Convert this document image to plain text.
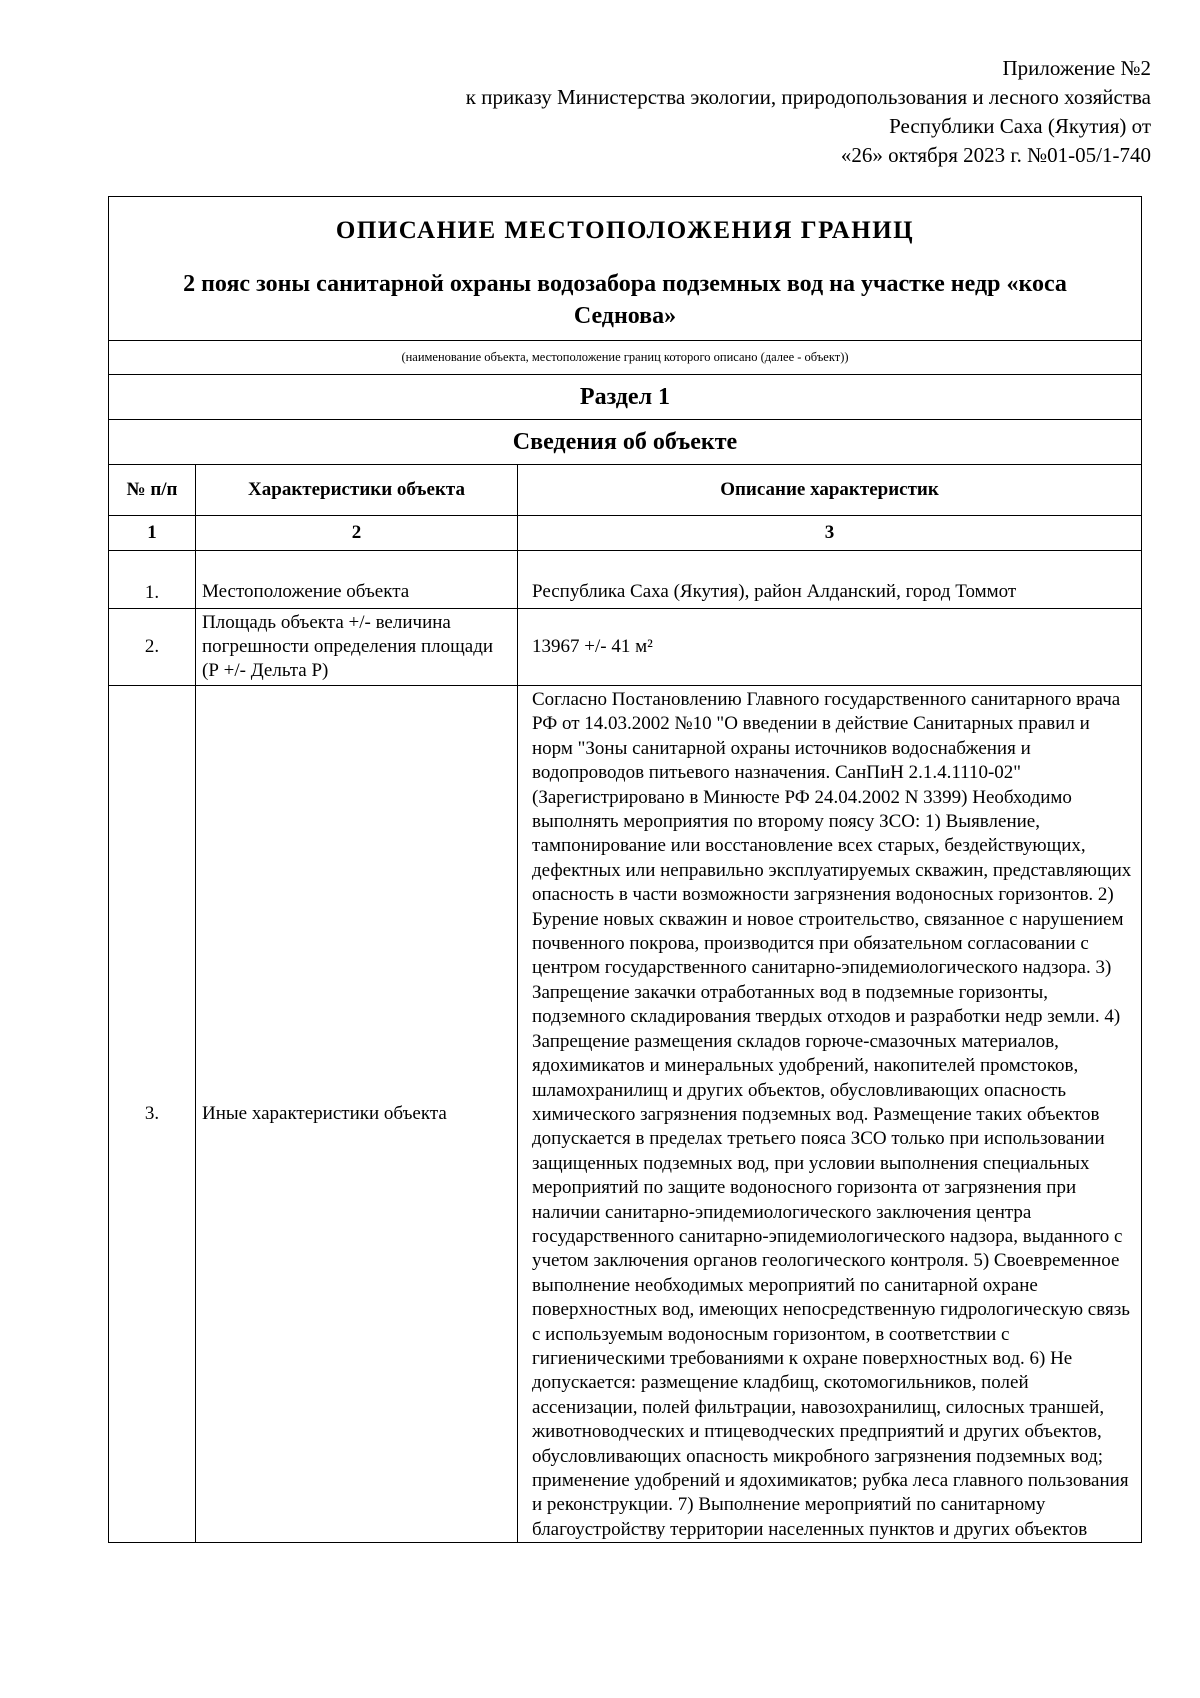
Приложение №2
к приказу Министерства экологии, природопользования и лесного хозяйства
Республики Саха (Якутия) от
«26» октября 2023 г. №01-05/1-740
ОПИСАНИЕ МЕСТОПОЛОЖЕНИЯ ГРАНИЦ
2 пояс зоны санитарной охраны водозабора подземных вод на участке недр «коса Седнова»
(наименование объекта, местоположение границ которого описано (далее - объект))
Раздел 1
Сведения об объекте
№ п/п	Характеристики объекта	Описание характеристик
1	2	3
1.	Местоположение объекта	Республика Саха (Якутия), район Алданский, город Томмот
2.	Площадь объекта +/- величина погрешности определения площади (Р +/- Дельта Р)	13967 +/- 41 м²
3.	Иные характеристики объекта	Согласно Постановлению Главного государственного санитарного врача РФ от 14.03.2002 №10 "О введении в действие Санитарных правил и норм "Зоны санитарной охраны источников водоснабжения и водопроводов питьевого назначения. СанПиН 2.1.4.1110-02" (Зарегистрировано в Минюсте РФ 24.04.2002 N 3399) Необходимо выполнять мероприятия по второму поясу ЗСО: 1) Выявление, тампонирование или восстановление всех старых, бездействующих, дефектных или неправильно эксплуатируемых скважин, представляющих опасность в части возможности загрязнения водоносных горизонтов. 2) Бурение новых скважин и новое строительство, связанное с нарушением почвенного покрова, производится при обязательном согласовании с центром государственного санитарно-эпидемиологического надзора. 3) Запрещение закачки отработанных вод в подземные горизонты, подземного складирования твердых отходов и разработки недр земли. 4) Запрещение размещения складов горюче-смазочных материалов, ядохимикатов и минеральных удобрений, накопителей промстоков, шламохранилищ и других объектов, обусловливающих опасность химического загрязнения подземных вод. Размещение таких объектов допускается в пределах третьего пояса ЗСО только при использовании защищенных подземных вод, при условии выполнения специальных мероприятий по защите водоносного горизонта от загрязнения при наличии санитарно-эпидемиологического заключения центра государственного санитарно-эпидемиологического надзора, выданного с учетом заключения органов геологического контроля. 5) Своевременное выполнение необходимых мероприятий по санитарной охране поверхностных вод, имеющих непосредственную гидрологическую связь с используемым водоносным горизонтом, в соответствии с гигиеническими требованиями к охране поверхностных вод. 6) Не допускается: размещение кладбищ, скотомогильников, полей ассенизации, полей фильтрации, навозохранилищ, силосных траншей, животноводческих и птицеводческих предприятий и других объектов, обусловливающих опасность микробного загрязнения подземных вод; применение удобрений и ядохимикатов; рубка леса главного пользования и реконструкции. 7) Выполнение мероприятий по санитарному благоустройству территории населенных пунктов и других объектов
